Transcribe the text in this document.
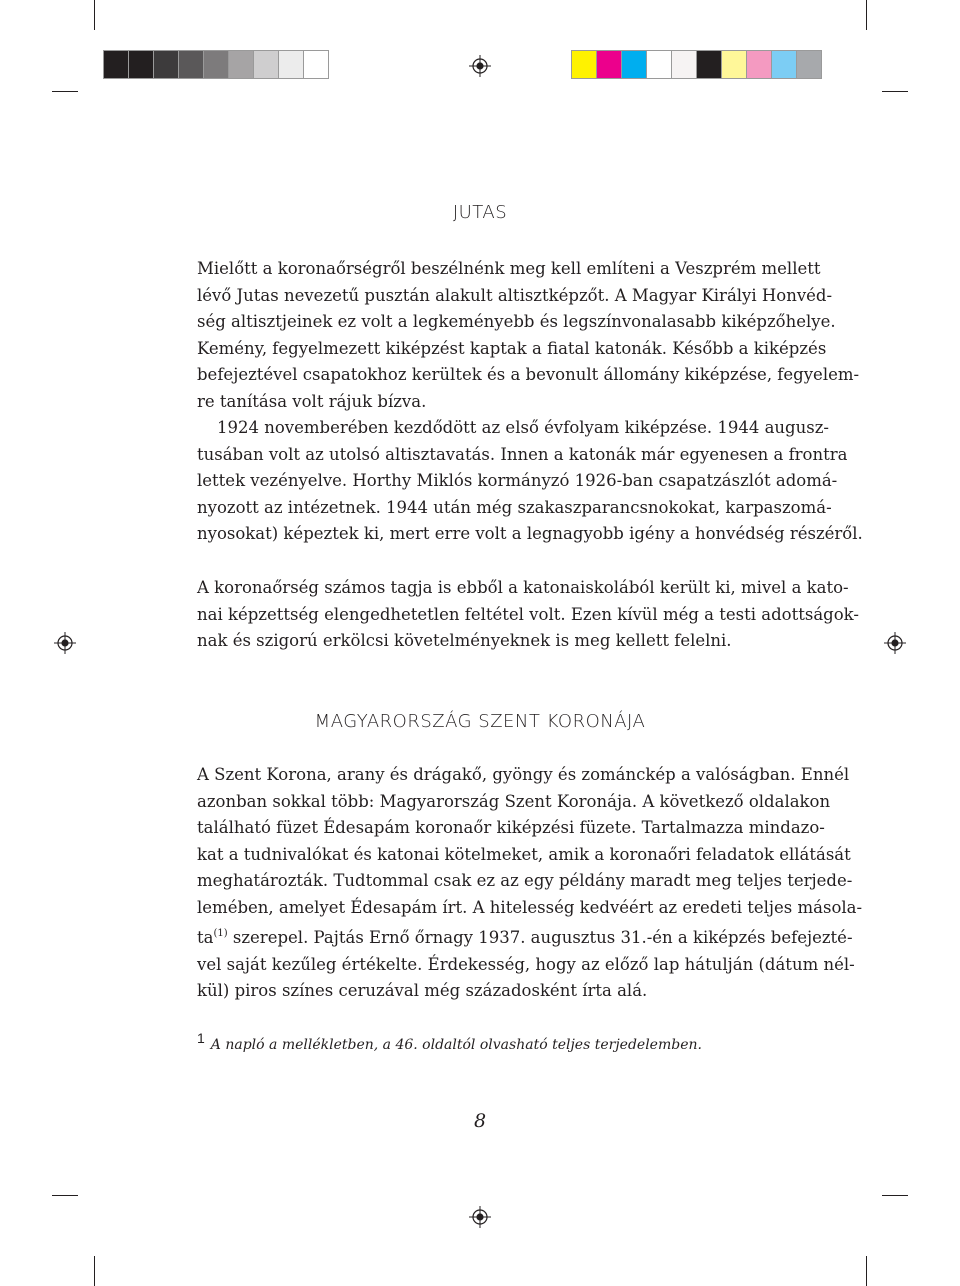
JUTAS
Mielőtt a koronaőrségről beszélnénk meg kell említeni a Veszprém mellett
lévő Jutas nevezetű pusztán alakult altisztképzőt. A Magyar Királyi Honvéd-
ség altisztjeinek ez volt a legkeményebb és legszínvonalasabb kiképzőhelye.
Kemény, fegyelmezett kiképzést kaptak a fiatal katonák. Később a kiképzés
befejeztével csapatokhoz kerültek és a bevonult állomány kiképzése, fegyelem-
re tanítása volt rájuk bízva.
1924 novemberében kezdődött az első évfolyam kiképzése. 1944 augusz-
tusában volt az utolsó altisztavatás. Innen a katonák már egyenesen a frontra
lettek vezényelve. Horthy Miklós kormányzó 1926-ban csapatzászlót adomá-
nyozott az intézetnek. 1944 után még szakaszparancsnokokat, karpaszomá-
nyosokat) képeztek ki, mert erre volt a legnagyobb igény a honvédség részéről.
A koronaőrség számos tagja is ebből a katonaiskolából került ki, mivel a kato-
nai képzettség elengedhetetlen feltétel volt. Ezen kívül még a testi adottságok-
nak és szigorú erkölcsi követelményeknek is meg kellett felelni.
MAGYARORSZÁG SZENT KORONÁJA
A Szent Korona, arany és drágakő, gyöngy és zománckép a valóságban. Ennél
azonban sokkal több: Magyarország Szent Koronája. A következő oldalakon
található füzet Édesapám koronaőr kiképzési füzete. Tartalmazza mindazo-
kat a tudnivalókat és katonai kötelmeket, amik a koronaőri feladatok ellátását
meghatározták. Tudtommal csak ez az egy példány maradt meg teljes terjede-
lemében, amelyet Édesapám írt. A hitelesség kedvéért az eredeti teljes másola-
ta$^{(1)}$ szerepel. Pajtás Ernő őrnagy 1937. augusztus 31.-én a kiképzés befejezté-
vel saját kezűleg értékelte. Érdekesség, hogy az előző lap hátulján (dátum nél-
kül) piros színes ceruzával még századosként írta alá.
1 A napló a mellékletben, a 46. oldaltól olvasható teljes terjedelemben.
8
